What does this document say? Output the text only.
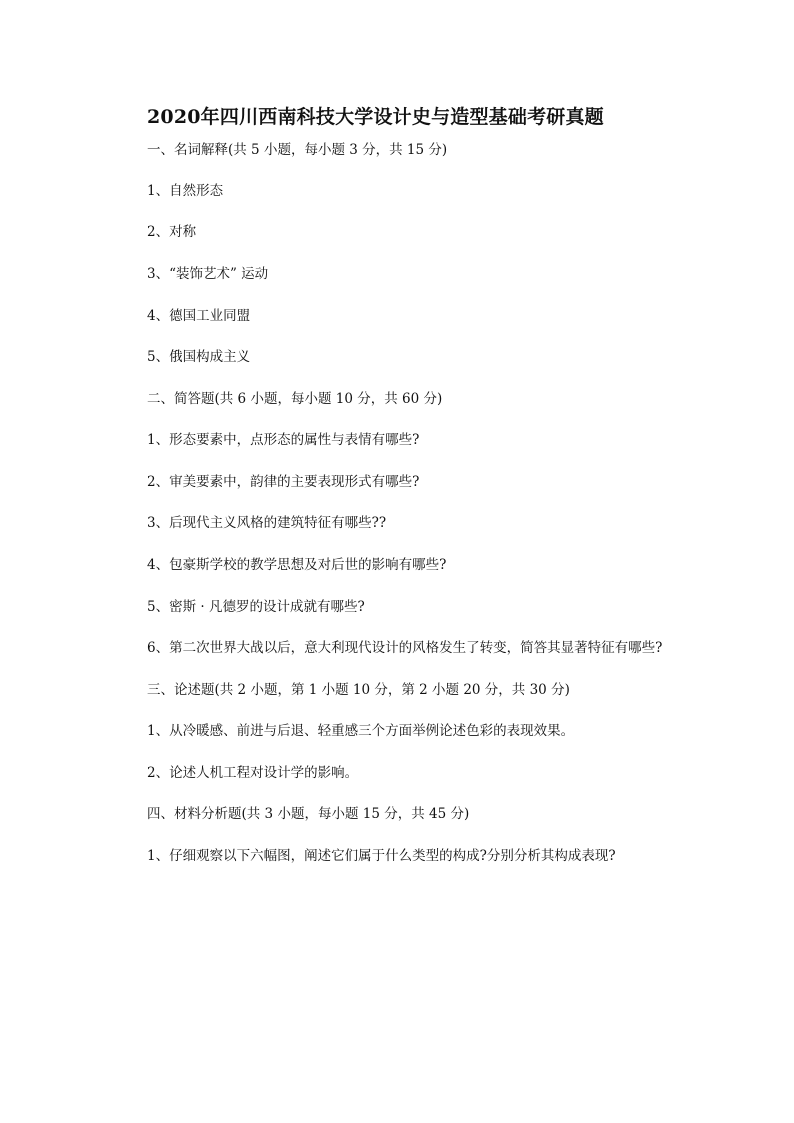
2020年四川西南科技大学设计史与造型基础考研真题
一、名词解释(共 5 小题，每小题 3 分，共 15 分)
1、自然形态
2、对称
3、“装饰艺术” 运动
4、德国工业同盟
5、俄国构成主义
二、简答题(共 6 小题，每小题 10 分，共 60 分)
1、形态要素中，点形态的属性与表情有哪些?
2、审美要素中，韵律的主要表现形式有哪些?
3、后现代主义风格的建筑特征有哪些??
4、包豪斯学校的教学思想及对后世的影响有哪些?
5、密斯 · 凡德罗的设计成就有哪些?
6、第二次世界大战以后，意大利现代设计的风格发生了转变，简答其显著特征有哪些?
三、论述题(共 2 小题，第 1 小题 10 分，第 2 小题 20 分，共 30 分)
1、从冷暖感、前进与后退、轻重感三个方面举例论述色彩的表现效果。
2、论述人机工程对设计学的影响。
四、材料分析题(共 3 小题，每小题 15 分，共 45 分)
1、仔细观察以下六幅图，阐述它们属于什么类型的构成?分别分析其构成表现?
